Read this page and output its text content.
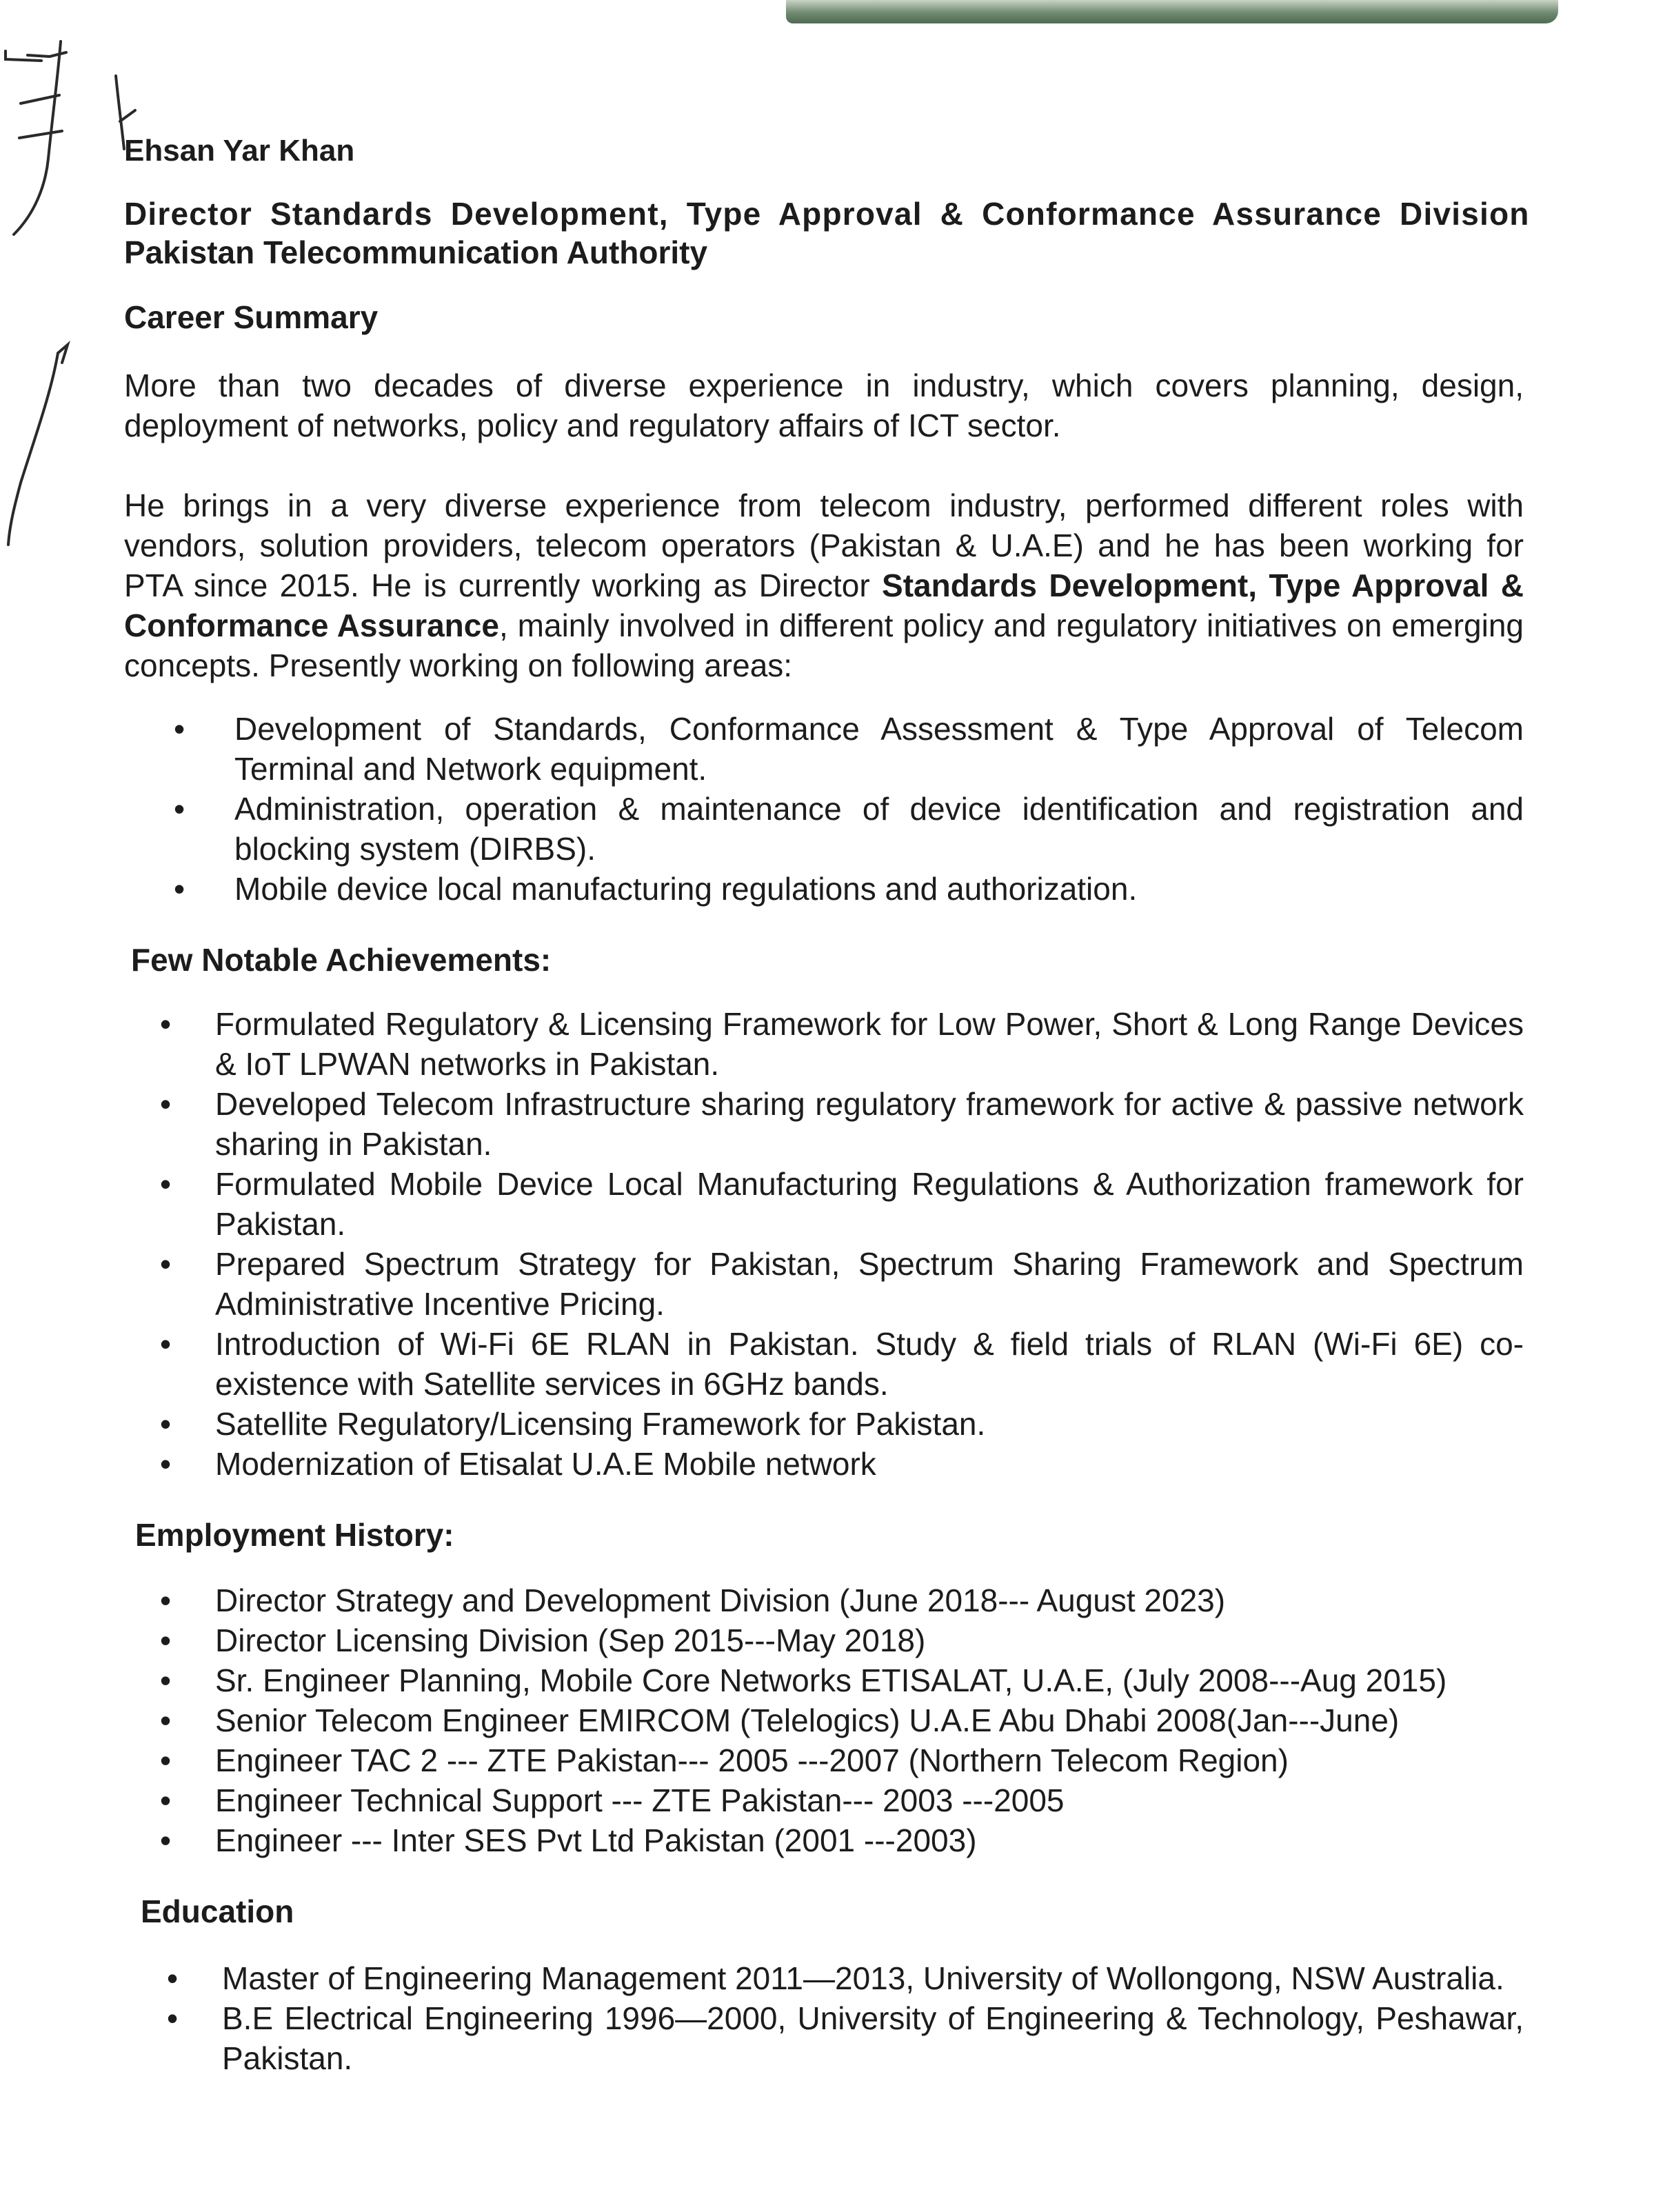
Ehsan Yar Khan
Director Standards Development, Type Approval & Conformance Assurance Division
Pakistan Telecommunication Authority
Career Summary

More than two decades of diverse experience in industry, which covers planning, design, deployment of networks, policy and regulatory affairs of ICT sector.

He brings in a very diverse experience from telecom industry, performed different roles with vendors, solution providers, telecom operators (Pakistan & U.A.E) and he has been working for PTA since 2015. He is currently working as Director Standards Development, Type Approval & Conformance Assurance, mainly involved in different policy and regulatory initiatives on emerging concepts. Presently working on following areas:

• Development of Standards, Conformance Assessment & Type Approval of Telecom Terminal and Network equipment.
• Administration, operation & maintenance of device identification and registration and blocking system (DIRBS).
• Mobile device local manufacturing regulations and authorization.
Few Notable Achievements:
• Formulated Regulatory & Licensing Framework for Low Power, Short & Long Range Devices & IoT LPWAN networks in Pakistan.
• Developed Telecom Infrastructure sharing regulatory framework for active & passive network sharing in Pakistan.
• Formulated Mobile Device Local Manufacturing Regulations & Authorization framework for Pakistan.
• Prepared Spectrum Strategy for Pakistan, Spectrum Sharing Framework and Spectrum Administrative Incentive Pricing.
• Introduction of Wi-Fi 6E RLAN in Pakistan. Study & field trials of RLAN (Wi-Fi 6E) co-existence with Satellite services in 6GHz bands.
• Satellite Regulatory/Licensing Framework for Pakistan.
• Modernization of Etisalat U.A.E Mobile network
Employment History:
• Director Strategy and Development Division (June 2018--- August 2023)
• Director Licensing Division (Sep 2015---May 2018)
• Sr. Engineer Planning, Mobile Core Networks ETISALAT, U.A.E, (July 2008---Aug 2015)
• Senior Telecom Engineer EMIRCOM (Telelogics) U.A.E Abu Dhabi 2008(Jan---June)
• Engineer TAC 2 --- ZTE Pakistan--- 2005 ---2007 (Northern Telecom Region)
• Engineer Technical Support --- ZTE Pakistan--- 2003 ---2005
• Engineer --- Inter SES Pvt Ltd Pakistan (2001 ---2003)
Education
• Master of Engineering Management 2011—2013, University of Wollongong, NSW Australia.
• B.E Electrical Engineering 1996—2000, University of Engineering & Technology, Peshawar, Pakistan.
